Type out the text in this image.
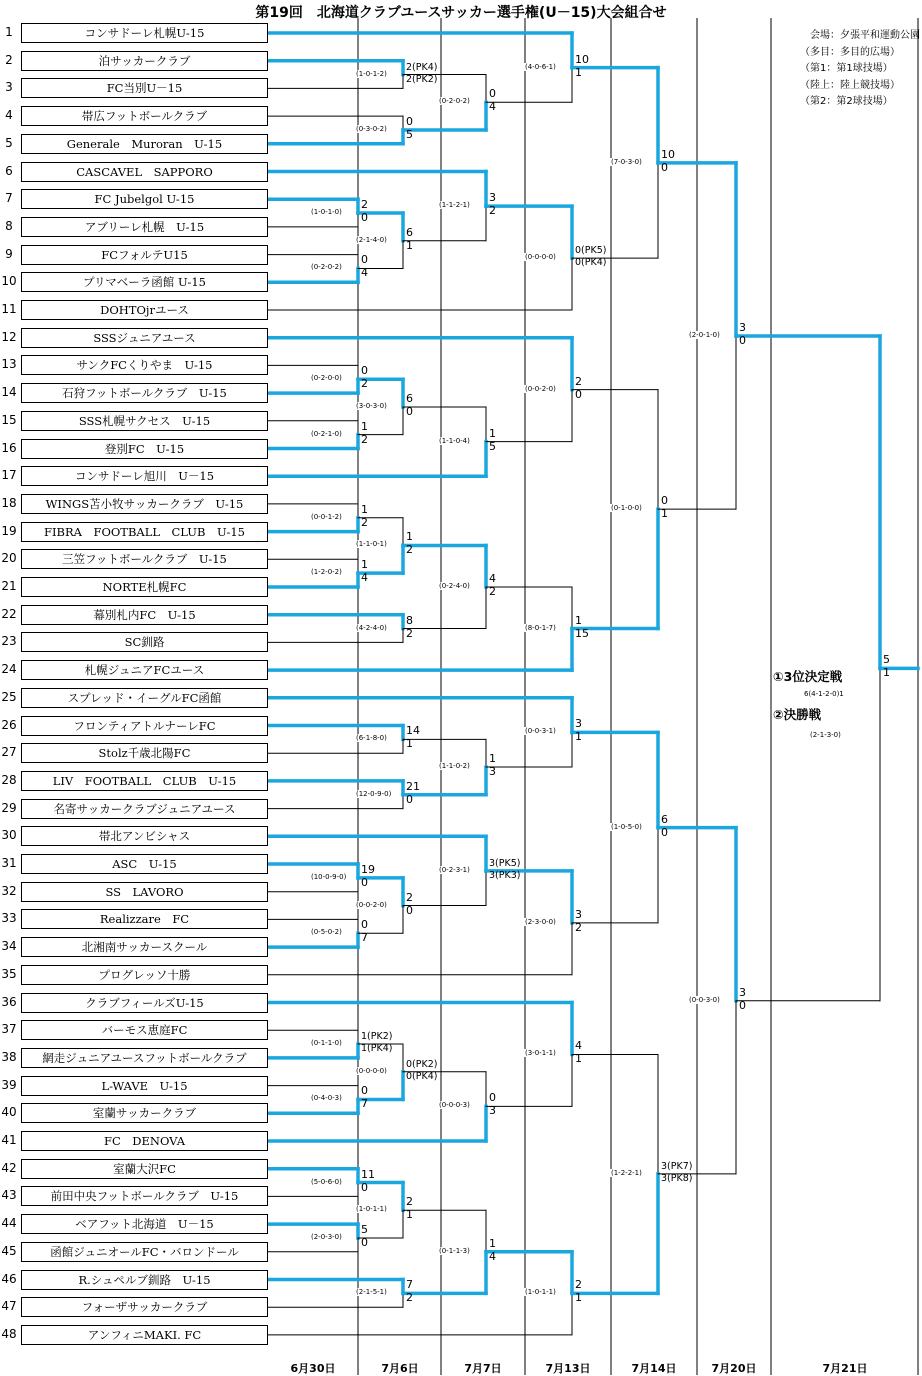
第19回　北海道クラブユースサッカー選手権(U－15)大会組合せ
会場：夕張平和運動公園
（多目：多目的広場）
（第1：第1球技場）
（陸上：陸上競技場）
（第2：第2球技場）
1	コンサドーレ札幌U-15
2	泊サッカークラブ
3	FC当別U－15
4	帯広フットボールクラブ
5	Generale　Muroran　U-15
6	CASCAVEL　SAPPORO
7	FC Jubelgol U-15
8	アブリーレ札幌　U-15
9	FCフォルテU15
10	プリマベーラ函館 U-15
11	DOHTOjrユース
12	SSSジュニアユース
13	サンクFCくりやま　U-15
14	石狩フットボールクラブ　U-15
15	SSS札幌サクセス　U-15
16	登別FC　U-15
17	コンサドーレ旭川　U－15
18	WINGS苫小牧サッカークラブ　U-15
19	FIBRA　FOOTBALL　CLUB　U-15
20	三笠フットボールクラブ　U-15
21	NORTE札幌FC
22	幕別札内FC　U-15
23	SC釧路
24	札幌ジュニアFCユース
25	スプレッド・イーグルFC函館
26	フロンティアトルナーレFC
27	Stolz千歳北陽FC
28	LIV　FOOTBALL　CLUB　U-15
29	名寄サッカークラブジュニアユース
30	帯北アンビシャス
31	ASC　U-15
32	SS　LAVORO
33	Realizzare　FC
34	北湘南サッカースクール
35	プログレッソ十勝
36	クラブフィールズU-15
37	バーモス恵庭FC
38	網走ジュニアユースフットボールクラブ
39	L-WAVE　U-15
40	室蘭サッカークラブ
41	FC　DENOVA
42	室蘭大沢FC
43	前田中央フットボールクラブ　U-15
44	ベアフット北海道　U－15
45	函館ジュニオールFC・バロンドール
46	R.シュペルブ釧路　U-15
47	フォーザサッカークラブ
48	アンフィニMAKI. FC
0
2
(0-2-0-0)
1
2
(0-2-1-0)
1
2
(0-0-1-2)
1
4
(1-2-0-2)
2
0
(1-0-1-0)
0
4
(0-2-0-2)
19
0
(10-0-9-0)
0
7
(0-5-0-2)
1(PK2)
1(PK4)
(0-1-1-0)
0
7
(0-4-0-3)
11
0
(5-0-6-0)
5
0
(2-0-3-0)
2(PK4)
2(PK2)
(1-0-1-2)
0
5
(0-3-0-2)
6
1
(2-1-4-0)
6
0
(3-0-3-0)
1
2
(1-1-0-1)
8
2
(4-2-4-0)
14
1
(6-1-8-0)
21
0
(12-0-9-0)
2
0
(0-0-2-0)
0(PK2)
0(PK4)
(0-0-0-0)
2
1
(1-0-1-1)
7
2
(2-1-5-1)
0
4
(0-2-0-2)
3
2
(1-1-2-1)
1
5
(1-1-0-4)
4
2
(0-2-4-0)
1
3
(1-1-0-2)
3(PK5)
3(PK3)
(0-2-3-1)
0
3
(0-0-0-3)
1
4
(0-1-1-3)
10
1
(4-0-6-1)
0(PK5)
0(PK4)
(0-0-0-0)
2
0
(0-0-2-0)
1
15
(8-0-1-7)
3
1
(0-0-3-1)
3
2
(2-3-0-0)
4
1
(3-0-1-1)
2
1
(1-0-1-1)
10
0
(7-0-3-0)
0
1
(0-1-0-0)
6
0
(1-0-5-0)
3(PK7)
3(PK8)
(1-2-2-1)
3
0
(2-0-1-0)
3
0
(0-0-3-0)
5
1
6月30日	7月6日	7月7日	7月13日	7月14日	7月20日	7月21日
①3位決定戦
6(4-1-2-0)1
②決勝戦
(2-1-3-0)
